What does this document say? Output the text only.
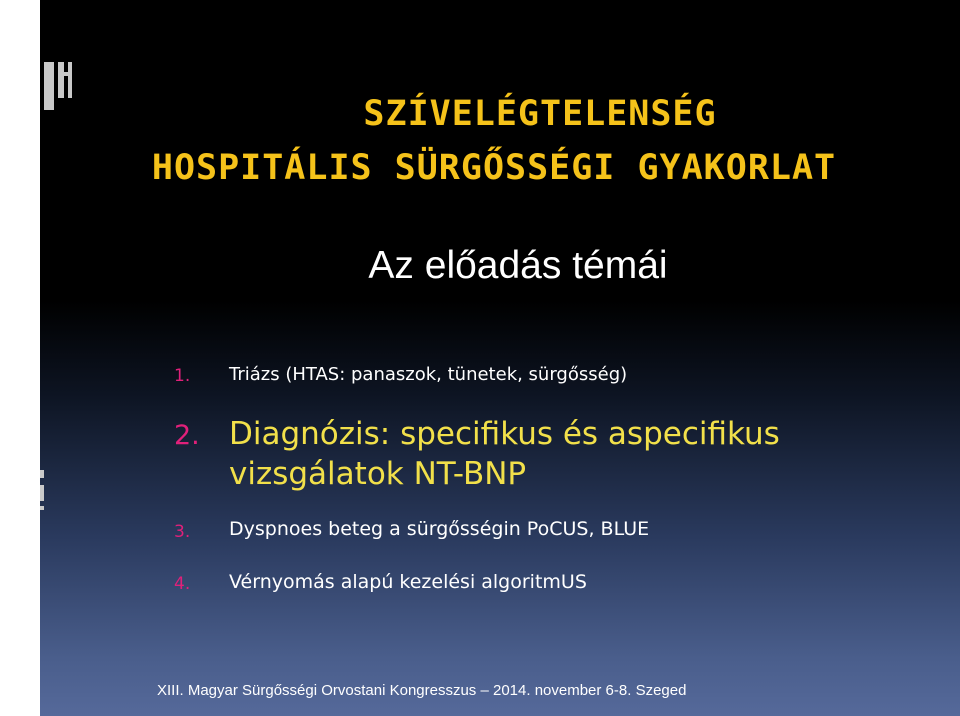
SZÍVELÉGTELENSÉG
HOSPITÁLIS SÜRGŐSSÉGI GYAKORLAT
Az előadás témái
1. Triázs (HTAS: panaszok, tünetek, sürgősség)
2. Diagnózis: specifikus és aspecifikus vizsgálatok NT-BNP
3. Dyspnoes beteg a sürgősségin PoCUS, BLUE
4. Vérnyomás alapú kezelési algoritmUS
XIII. Magyar Sürgősségi Orvostani Kongresszus – 2014. november 6-8. Szeged
